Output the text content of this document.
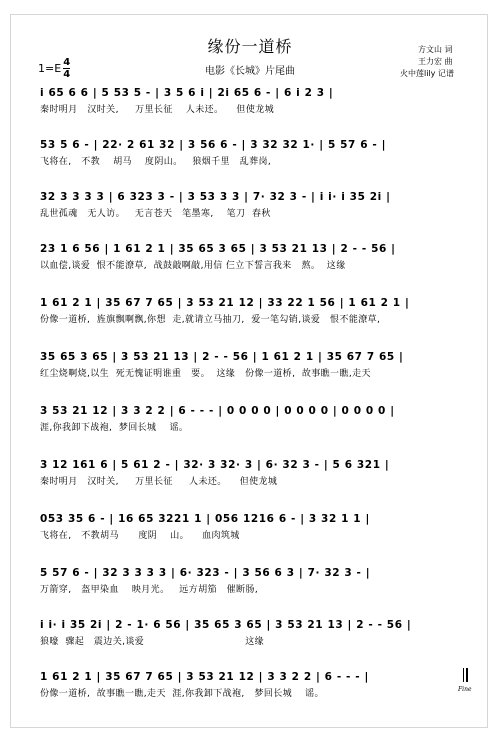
缘份一道桥
电影《长城》片尾曲
1=E 4
4
方文山 词
王力宏 曲
火中莲lily 记谱
i 65 6 6 | 5 53 5 - | 3 5 6 i | 2i 65 6 - | 6 i 2 3 |
秦时明月   汉时关,     万里长征    人未还。    但使龙城
53 5 6 - | 22· 2 61 32 | 3 56 6 - | 3 32 32 1· | 5 57 6 - |
飞将在,   不教    胡马    度阴山。   狼烟千里   乱葬岗,
32 3 3 3 3 | 6 323 3 - | 3 53 3 3 | 7· 32 3 - | i i· i 35 2i |
乱世孤魂   无人访。   无言苍天   笔墨寒,    笔刀  春秋
23 1 6 56 | 1 61 2 1 | 35 65 3 65 | 3 53 21 13 | 2 - - 56 |
以血偿,谈爱  恨不能潦草,  战鼓敲啊敲,用信 仨立下誓言我来   熬。  这缘
1 61 2 1 | 35 67 7 65 | 3 53 21 12 | 33 22 1 56 | 1 61 2 1 |
份像一道桥,  旌旗飘啊飘,你想  走,就请立马抽刀,  爱一笔勾销,谈爱   恨不能潦草,
35 65 3 65 | 3 53 21 13 | 2 - - 56 | 1 61 2 1 | 35 67 7 65 |
红尘烧啊烧,以生  死无愧证明谁重   要。  这缘   份像一道桥,  故事瞧一瞧,走天
3 53 21 12 | 3 3 2 2 | 6 - - - | 0 0 0 0 | 0 0 0 0 | 0 0 0 0 |
涯,你我卸下战袍,  梦回长城    谣。
3 12 161 6 | 5 61 2 - | 32· 3 32· 3 | 6· 32 3 - | 5 6 321 |
秦时明月   汉时关,     万里长征     人未还。    但使龙城
053 35 6 - | 16 65 3221 1 | 056 1216 6 - | 3 32 1 1 |
飞将在,   不教胡马      度阴    山。    血肉筑城
5 57 6 - | 32 3 3 3 3 | 6· 323 - | 3 56 6 3 | 7· 32 3 - |
万箭穿,   盔甲染血    映月光。   远方胡笳   催断肠,
i i· i 35 2i | 2 - 1· 6 56 | 35 65 3 65 | 3 53 21 13 | 2 - - 56 |
狼嚎  骤起   震边关,谈爱                               这缘
1 61 2 1 | 35 67 7 65 | 3 53 21 12 | 3 3 2 2 | 6 - - - |
份像一道桥,  故事瞧一瞧,走天  涯,你我卸下战袍,   梦回长城    谣。	Fine
